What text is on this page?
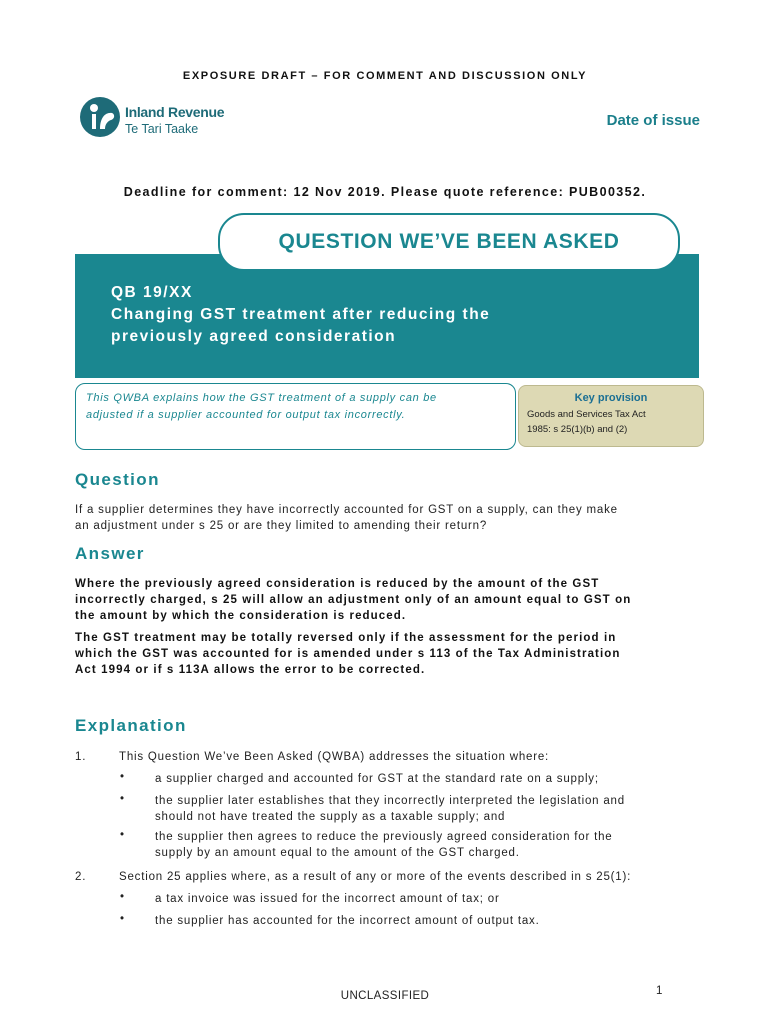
EXPOSURE DRAFT – FOR COMMENT AND DISCUSSION ONLY
Inland Revenue
Te Tari Taake	Date of issue
Deadline for comment: 12 Nov 2019. Please quote reference: PUB00352.
QUESTION WE’VE BEEN ASKED
QB 19/XX
Changing GST treatment after reducing the
previously agreed consideration
This QWBA explains how the GST treatment of a supply can be
adjusted if a supplier accounted for output tax incorrectly.
Key provision
Goods and Services Tax Act
1985: s 25(1)(b) and (2)
Question
If a supplier determines they have incorrectly accounted for GST on a supply, can they make
an adjustment under s 25 or are they limited to amending their return?
Answer
Where the previously agreed consideration is reduced by the amount of the GST
incorrectly charged, s 25 will allow an adjustment only of an amount equal to GST on
the amount by which the consideration is reduced.
The GST treatment may be totally reversed only if the assessment for the period in
which the GST was accounted for is amended under s 113 of the Tax Administration
Act 1994 or if s 113A allows the error to be corrected.
Explanation
1.	This Question We’ve Been Asked (QWBA) addresses the situation where:
•	a supplier charged and accounted for GST at the standard rate on a supply;
•	the supplier later establishes that they incorrectly interpreted the legislation and
should not have treated the supply as a taxable supply; and
•	the supplier then agrees to reduce the previously agreed consideration for the
supply by an amount equal to the amount of the GST charged.
2.	Section 25 applies where, as a result of any or more of the events described in s 25(1):
•	a tax invoice was issued for the incorrect amount of tax; or
•	the supplier has accounted for the incorrect amount of output tax.
UNCLASSIFIED	1
